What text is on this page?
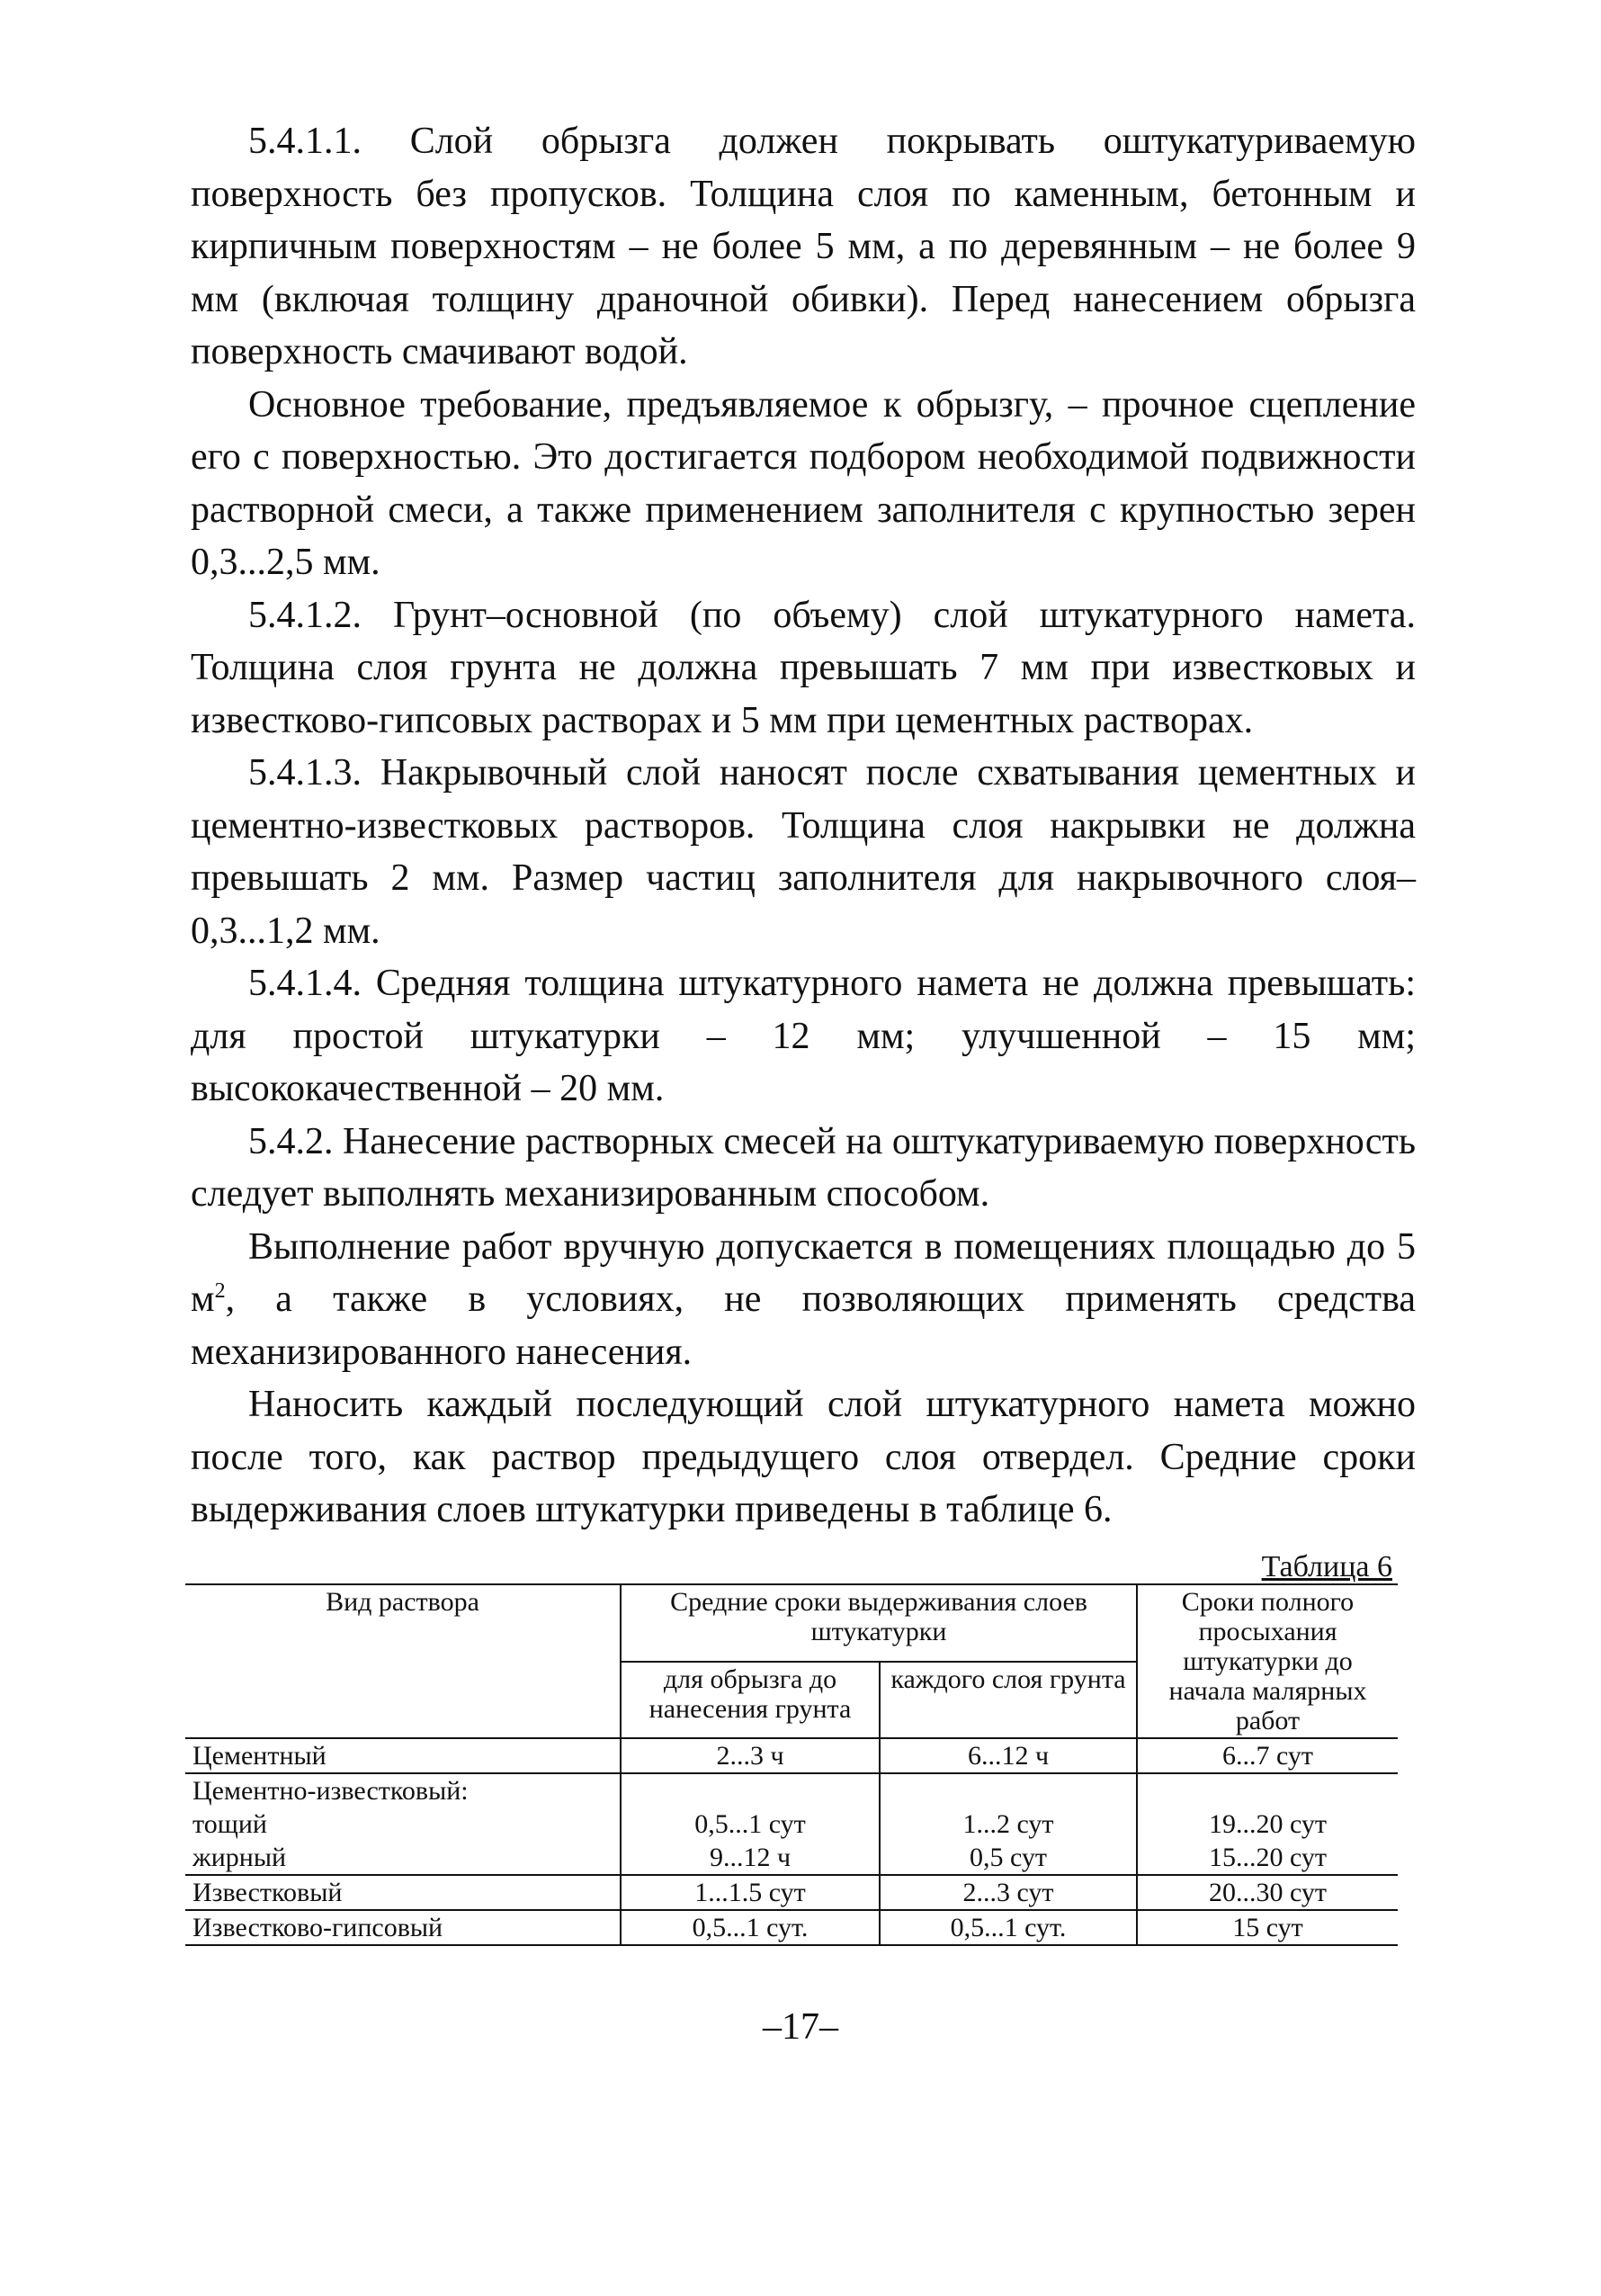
5.4.1.1. Слой обрызга должен покрывать оштукатуриваемую поверхность без пропусков. Толщина слоя по каменным, бетонным и кирпичным поверхностям – не более 5 мм, а по деревянным – не более 9 мм (включая толщину драночной обивки). Перед нанесением обрызга поверхность смачивают водой.

Основное требование, предъявляемое к обрызгу, – прочное сцепление его с поверхностью. Это достигается подбором необходимой подвижности растворной смеси, а также применением заполнителя с крупностью зерен 0,3...2,5 мм.

5.4.1.2. Грунт–основной (по объему) слой штукатурного намета. Толщина слоя грунта не должна превышать 7 мм при известковых и известково-гипсовых растворах и 5 мм при цементных растворах.

5.4.1.3. Накрывочный слой наносят после схватывания цементных и цементно-известковых растворов. Толщина слоя накрывки не должна превышать 2 мм. Размер частиц заполнителя для накрывочного слоя– 0,3...1,2 мм.

5.4.1.4. Средняя толщина штукатурного намета не должна превышать: для простой штукатурки – 12 мм; улучшенной – 15 мм; высококачественной – 20 мм.

5.4.2. Нанесение растворных смесей на оштукатуриваемую поверхность следует выполнять механизированным способом.

Выполнение работ вручную допускается в помещениях площадью до 5 $м^2$, а также в условиях, не позволяющих применять средства механизированного нанесения.

Наносить каждый последующий слой штукатурного намета можно после того, как раствор предыдущего слоя отвердел. Средние сроки выдерживания слоев штукатурки приведены в таблице 6.

Таблица 6
Вид раствора	Средние сроки выдерживания слоев штукатурки		Сроки полного просыхания штукатурки до начала малярных работ
	для обрызга до нанесения грунта	каждого слоя грунта	
Цементный	2...3 ч	6...12 ч	6...7 сут
Цементно-известковый:			
тощий	0,5...1 сут	1...2 сут	19...20 сут
жирный	9...12 ч	0,5 сут	15...20 сут
Известковый	1...1.5 сут	2...3 сут	20...30 сут
Известково-гипсовый	0,5...1 сут.	0,5...1 сут.	15 сут
–17–
